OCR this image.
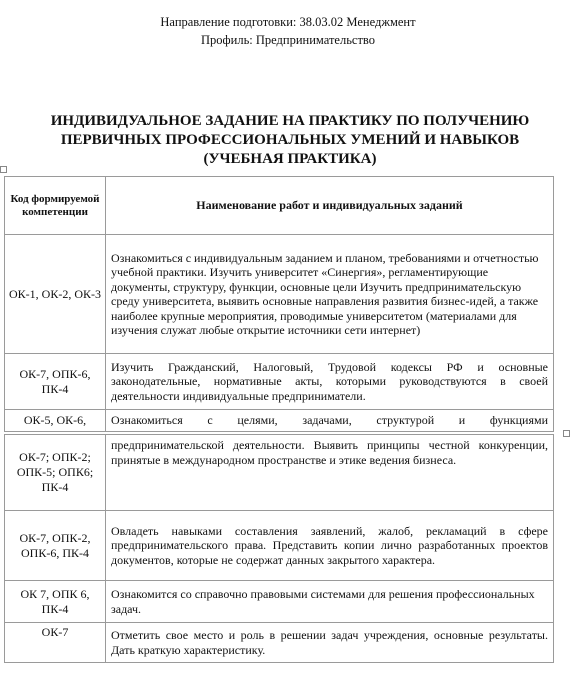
Направление подготовки: 38.03.02 Менеджмент
Профиль: Предпринимательство
ИНДИВИДУАЛЬНОЕ ЗАДАНИЕ НА ПРАКТИКУ ПО ПОЛУЧЕНИЮ
ПЕРВИЧНЫХ ПРОФЕССИОНАЛЬНЫХ УМЕНИЙ И НАВЫКОВ
(УЧЕБНАЯ ПРАКТИКА)
Код формируемой компетенции	Наименование работ и индивидуальных заданий
ОК-1, ОК-2, ОК-3	Ознакомиться с индивидуальным заданием и планом, требованиями и отчетностью учебной практики. Изучить университет «Синергия», регламентирующие документы, структуру, функции, основные цели Изучить предпринимательскую среду университета, выявить основные направления развития бизнес-идей, а также наиболее крупные мероприятия, проводимые университетом (материалами для изучения служат любые открытие источники сети интернет)
ОК-7, ОПК-6, ПК-4	Изучить Гражданский, Налоговый, Трудовой кодексы РФ и основные законодательные, нормативные акты, которыми руководствуются в своей деятельности индивидуальные предприниматели.
ОК-5, ОК-6,	Ознакомиться с целями, задачами, структурой и функциями
ОК-7; ОПК-2; ОПК-5; ОПК6; ПК-4	предпринимательской деятельности. Выявить принципы честной конкуренции, принятые в международном пространстве и этике ведения бизнеса.
ОК-7, ОПК-2, ОПК-6, ПК-4	Овладеть навыками составления заявлений, жалоб, рекламаций в сфере предпринимательского права. Представить копии лично разработанных проектов документов, которые не содержат данных закрытого характера.
ОК 7, ОПК 6, ПК-4	Ознакомится со справочно правовыми системами для решения профессиональных задач.
ОК-7	Отметить свое место и роль в решении задач учреждения, основные результаты. Дать краткую характеристику.
